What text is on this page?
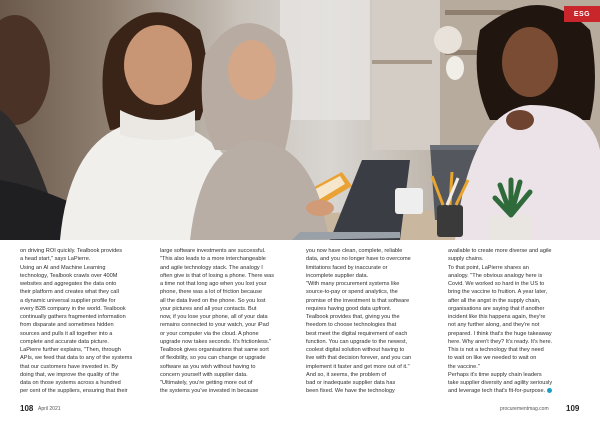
ESG
on driving ROI quickly. Tealbook provides
a head start," says LaPierre.
Using an AI and Machine Learning
technology, Tealbook crawls over 400M
websites and aggregates the data onto
their platform and creates what they call
a dynamic universal supplier profile for
every B2B company in the world. Tealbook
continually gathers fragmented information
from disparate and sometimes hidden
sources and pulls it all together into a
complete and accurate data picture.
LaPierre further explains, "Then, through
APIs, we feed that data to any of the systems
that our customers have invested in. By
doing that, we improve the quality of the
data on those systems across a hundred
per cent of the suppliers, ensuring that their
large software investments are successful.
"This also leads to a more interchangeable
and agile technology stack. The analogy I
often give is that of losing a phone. There was
a time not that long ago when you lost your
phone, there was a lot of friction because
all the data lived on the phone. So you lost
your pictures and all your contacts. But
now, if you lose your phone, all of your data
remains connected to your watch, your iPad
or your computer via the cloud. A phone
upgrade now takes seconds. It's frictionless."
Tealbook gives organisations that same sort
of flexibility, so you can change or upgrade
software as you wish without having to
concern yourself with supplier data.
"Ultimately, you're getting more out of
the systems you've invested in because
you now have clean, complete, reliable
data, and you no longer have to overcome
limitations faced by inaccurate or
incomplete supplier data.
"With many procurement systems like
source-to-pay or spend analytics, the
promise of the investment is that software
requires having good data upfront.
Tealbook provides that, giving you the
freedom to choose technologies that
best meet the digital requirement of each
function. You can upgrade to the newest,
coolest digital solution without having to
live with that decision forever, and you can
implement it faster and get more out of it."
And so, it seems, the problem of
bad or inadequate supplier data has
been fixed. We have the technology
available to create more diverse and agile
supply chains.
To that point, LaPierre shares an
analogy. "The obvious analogy here is
Covid. We worked so hard in the US to
bring the vaccine to fruition. A year later,
after all the angst in the supply chain,
organisations are saying that if another
incident like this happens again, they're
not any further along, and they're not
prepared. I think that's the huge takeaway
here. Why aren't they? It's ready. It's here.
This is not a technology that they need
to wait on like we needed to wait on
the vaccine."
Perhaps it's time supply chain leaders
take supplier diversity and agility seriously
and leverage tech that's fit-for-purpose.
108 April 2021	procurementmag.com 109
